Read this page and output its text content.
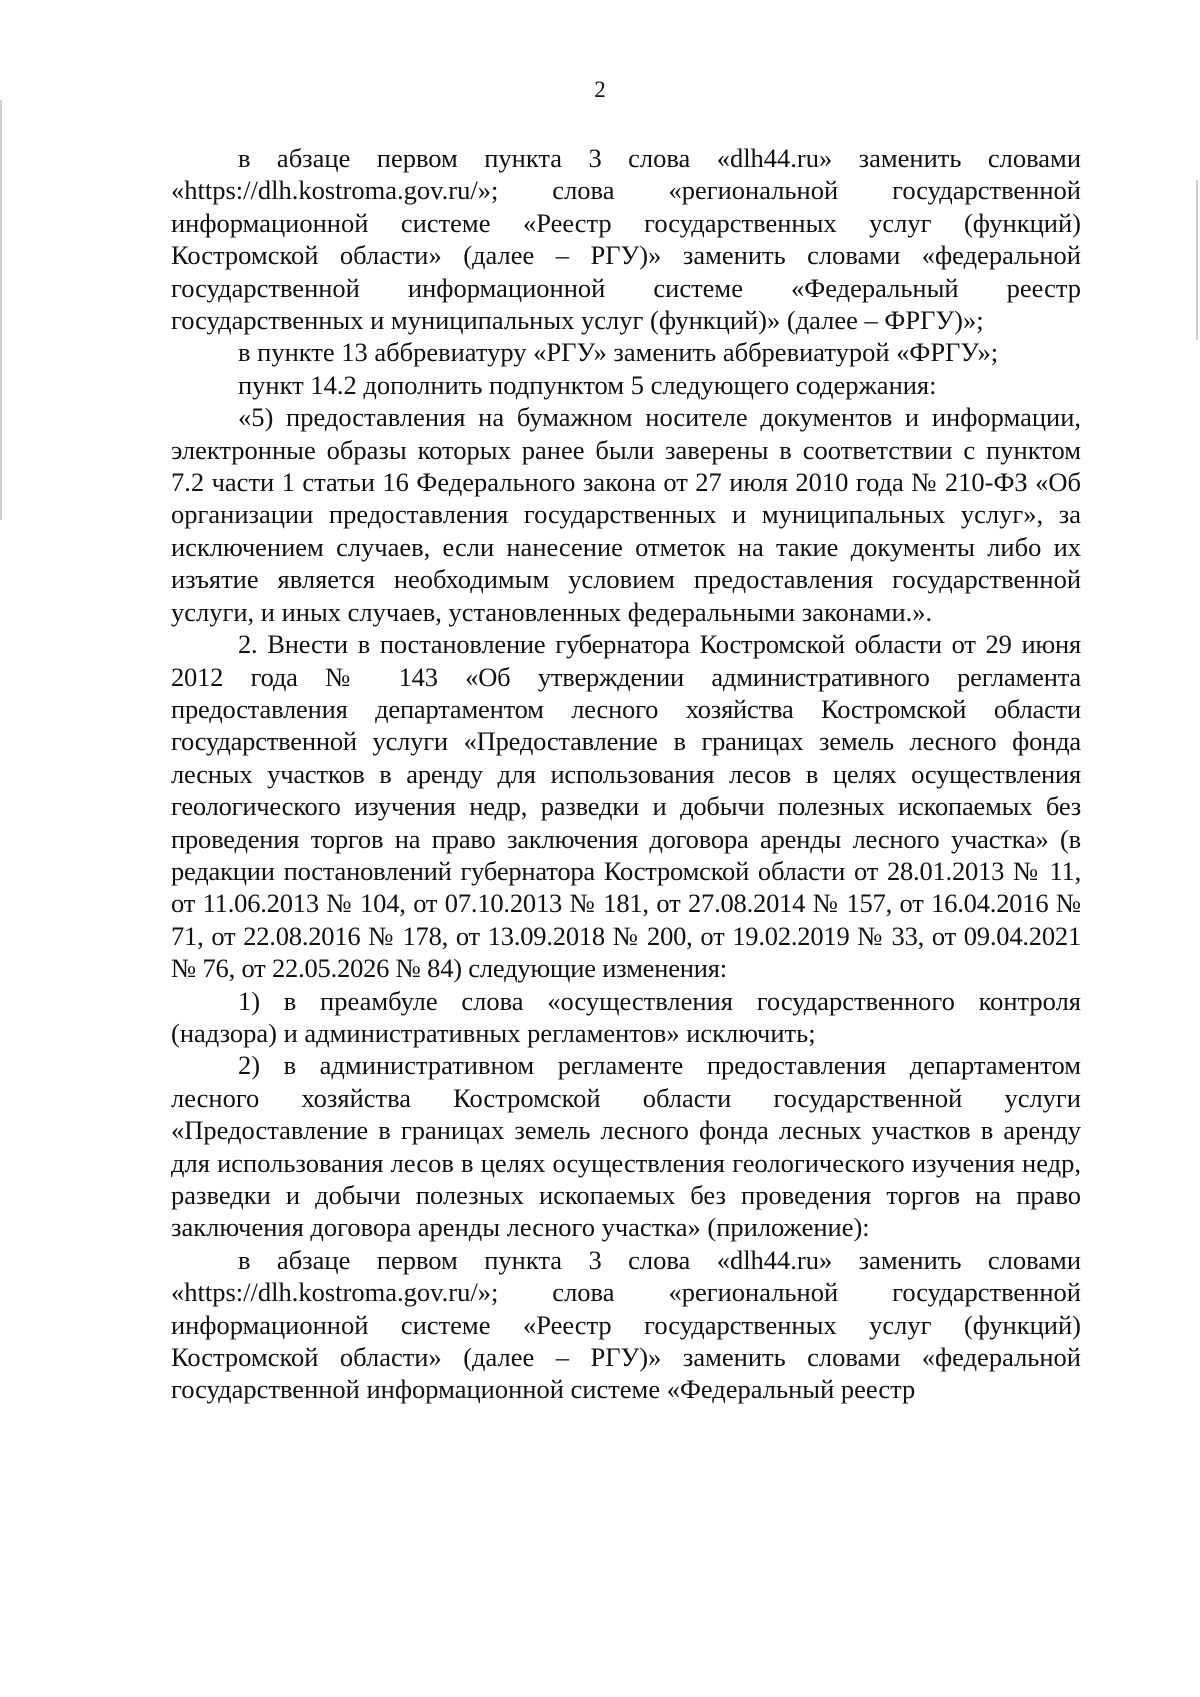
2

в абзаце первом пункта 3 слова «dlh44.ru» заменить словами «https://dlh.kostroma.gov.ru/»; слова «региональной государственной информационной системе «Реестр государственных услуг (функций) Костромской области» (далее – РГУ)» заменить словами «федеральной государственной информационной системе «Федеральный реестр государственных и муниципальных услуг (функций)» (далее – ФРГУ)»;

в пункте 13 аббревиатуру «РГУ» заменить аббревиатурой «ФРГУ»;

пункт 14.2 дополнить подпунктом 5 следующего содержания:

«5) предоставления на бумажном носителе документов и информации, электронные образы которых ранее были заверены в соответствии с пунктом 7.2 части 1 статьи 16 Федерального закона от 27 июля 2010 года № 210-ФЗ «Об организации предоставления государственных и муниципальных услуг», за исключением случаев, если нанесение отметок на такие документы либо их изъятие является необходимым условием предоставления государственной услуги, и иных случаев, установленных федеральными законами.».

2. Внести в постановление губернатора Костромской области от 29 июня 2012 года № 143 «Об утверждении административного регламента предоставления департаментом лесного хозяйства Костромской области государственной услуги «Предоставление в границах земель лесного фонда лесных участков в аренду для использования лесов в целях осуществления геологического изучения недр, разведки и добычи полезных ископаемых без проведения торгов на право заключения договора аренды лесного участка» (в редакции постановлений губернатора Костромской области от 28.01.2013 № 11, от 11.06.2013 № 104, от 07.10.2013 № 181, от 27.08.2014 № 157, от 16.04.2016 № 71, от 22.08.2016 № 178, от 13.09.2018 № 200, от 19.02.2019 № 33, от 09.04.2021 № 76, от 22.05.2026 № 84) следующие изменения:

1) в преамбуле слова «осуществления государственного контроля (надзора) и административных регламентов» исключить;

2) в административном регламенте предоставления департаментом лесного хозяйства Костромской области государственной услуги «Предоставление в границах земель лесного фонда лесных участков в аренду для использования лесов в целях осуществления геологического изучения недр, разведки и добычи полезных ископаемых без проведения торгов на право заключения договора аренды лесного участка» (приложение):

в абзаце первом пункта 3 слова «dlh44.ru» заменить словами «https://dlh.kostroma.gov.ru/»; слова «региональной государственной информационной системе «Реестр государственных услуг (функций) Костромской области» (далее – РГУ)» заменить словами «федеральной государственной информационной системе «Федеральный реестр
